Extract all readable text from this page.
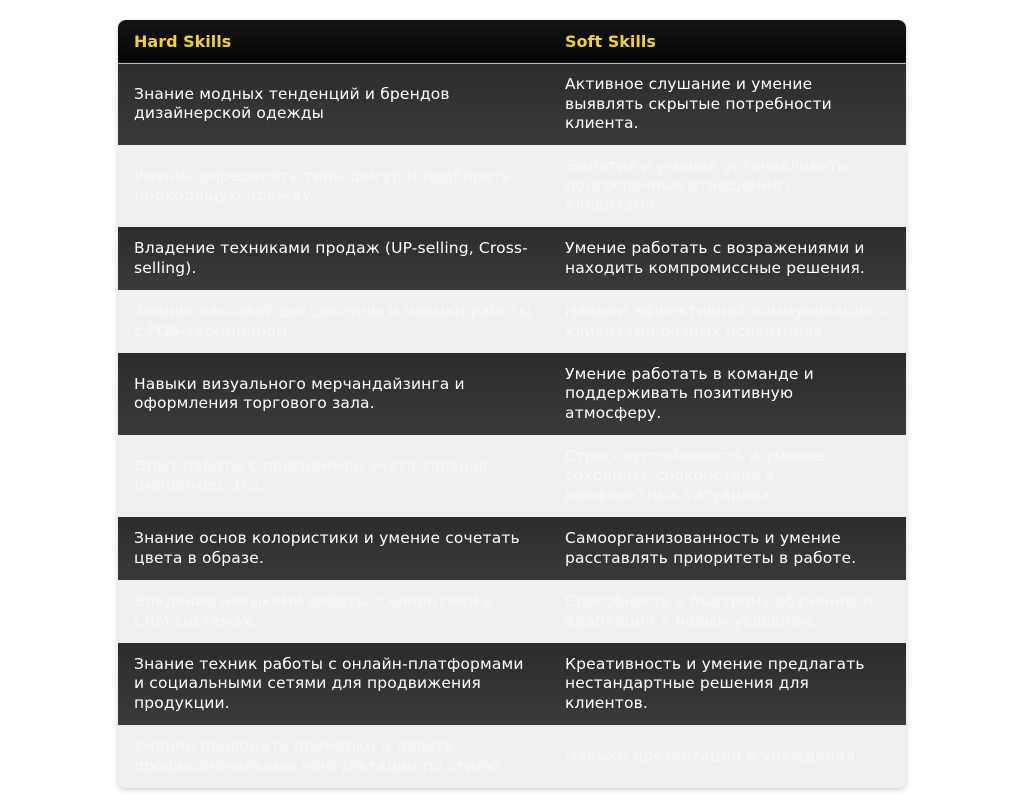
Hard Skills	Soft Skills
Знание модных тенденций и брендов дизайнерской одежды	Активное слушание и умение выявлять скрытые потребности клиента.
Умение определять типы фигур и подбирать подходящую одежду	Эмпатия и умение устанавливать долгосрочные отношения с клиентами.
Владение техниками продаж (UP-selling, Cross-selling).	Умение работать с возражениями и находить компромиссные решения.
Знание кассовой дисциплины и навыки работы с POS-терминалом.	Навыки эффективной коммуникации с клиентами разных психотипов.
Навыки визуального мерчандайзинга и оформления торгового зала.	Умение работать в команде и поддерживать позитивную атмосферу.
Опыт работы с программой учета товаров (например, 1С).	Стрессоустойчивость и умение сохранять спокойствие в конфликтных ситуациях.
Знание основ колористики и умение сочетать цвета в образе.	Самоорганизованность и умение расставлять приоритеты в работе.
Владение навыками работы с клиентами в CRM системах.	Способность к быстрому обучению и адаптации к новым условиям.
Знание техник работы с онлайн-платформами и социальными сетями для продвижения продукции.	Креативность и умение предлагать нестандартные решения для клиентов.
Умение проводить примерки и давать профессиональные консультации по стилю.	Навыки презентации и убеждения.
